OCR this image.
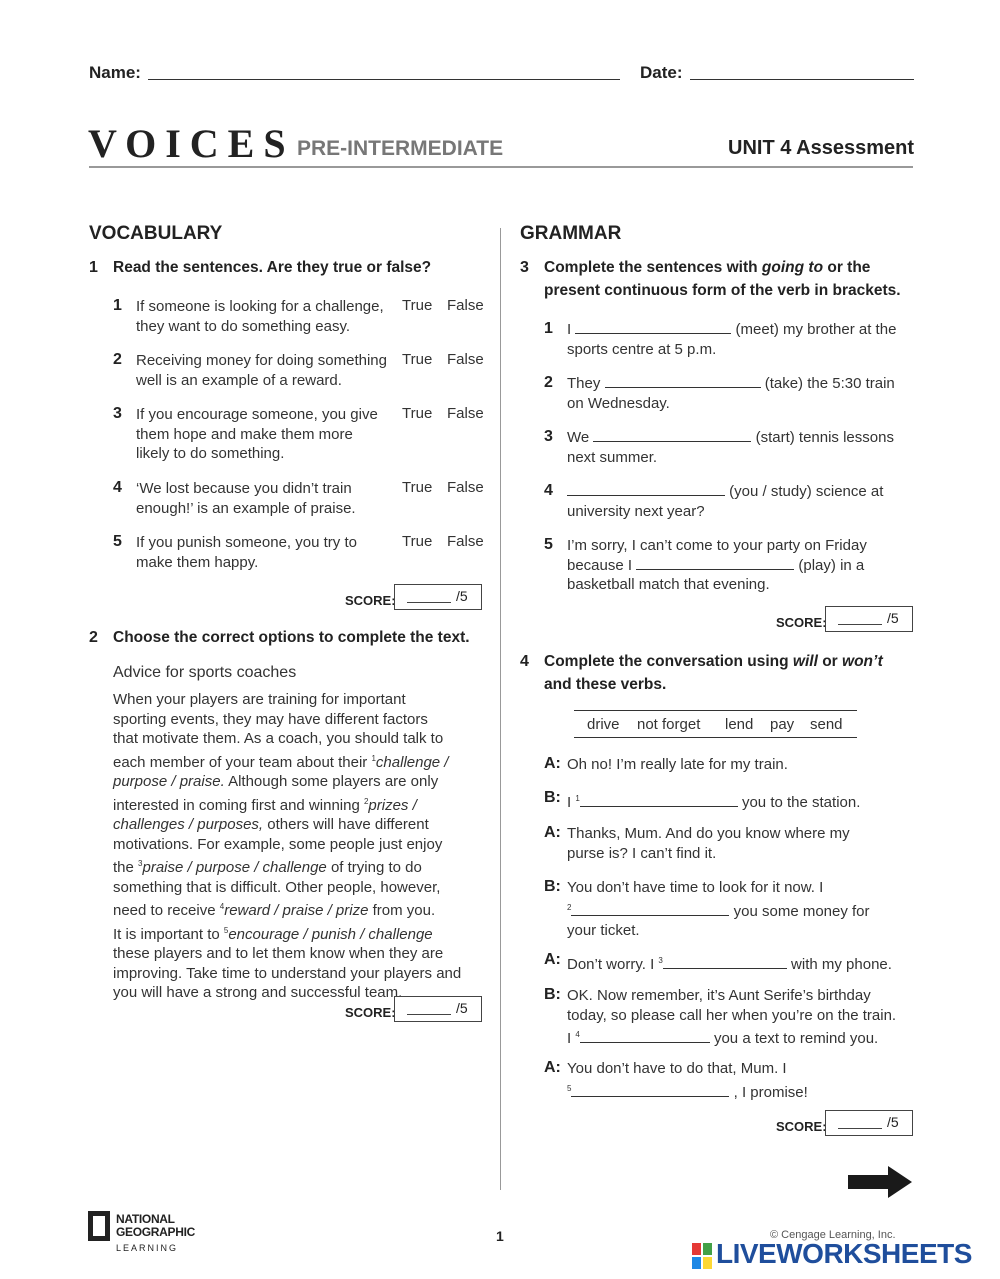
Name:	Date:
VOICES PRE-INTERMEDIATE	UNIT 4 Assessment
VOCABULARY
1 Read the sentences. Are they true or false?
1 If someone is looking for a challenge,
they want to do something easy.
True False
2 Receiving money for doing something
well is an example of a reward.
True False
3 If you encourage someone, you give
them hope and make them more
likely to do something.
True False
4 ‘We lost because you didn’t train
enough!’ is an example of praise.
True False
5 If you punish someone, you try to
make them happy.
True False
SCORE:	/5
2 Choose the correct options to complete the text.
Advice for sports coaches
When your players are training for important
sporting events, they may have different factors
that motivate them. As a coach, you should talk to
each member of your team about their $^1$challenge /
purpose / praise. Although some players are only
interested in coming first and winning $^2$prizes /
challenges / purposes, others will have different
motivations. For example, some people just enjoy
the $^3$praise / purpose / challenge of trying to do
something that is difficult. Other people, however,
need to receive $^4$reward / praise / prize from you.
It is important to $^5$encourage / punish / challenge
these players and to let them know when they are
improving. Take time to understand your players and
you will have a strong and successful team.
SCORE:	/5
GRAMMAR
3 Complete the sentences with going to or the
present continuous form of the verb in brackets.
1 I	(meet) my brother at the
sports centre at 5 p.m.
2 They	(take) the 5:30 train
on Wednesday.
3 We	(start) tennis lessons
next summer.
4	(you / study) science at
university next year?
5 I’m sorry, I can’t come to your party on Friday
because I	(play) in a
basketball match that evening.
SCORE:	/5
4 Complete the conversation using will or won’t
and these verbs.
drive not forget lend pay send
A: Oh no! I’m really late for my train.
B: I $^1$	you to the station.
A: Thanks, Mum. And do you know where my
purse is? I can’t find it.
B: You don’t have time to look for it now. I
$^2$	you some money for
your ticket.
A: Don’t worry. I $^3$	with my phone.
B: OK. Now remember, it’s Aunt Serife’s birthday
today, so please call her when you’re on the train.
I $^4$	you a text to remind you.
A: You don’t have to do that, Mum. I
$^5$	, I promise!
SCORE:	/5
NATIONAL
GEOGRAPHIC
LEARNING
1	© Cengage Learning, Inc.
LIVEWORKSHEETS
